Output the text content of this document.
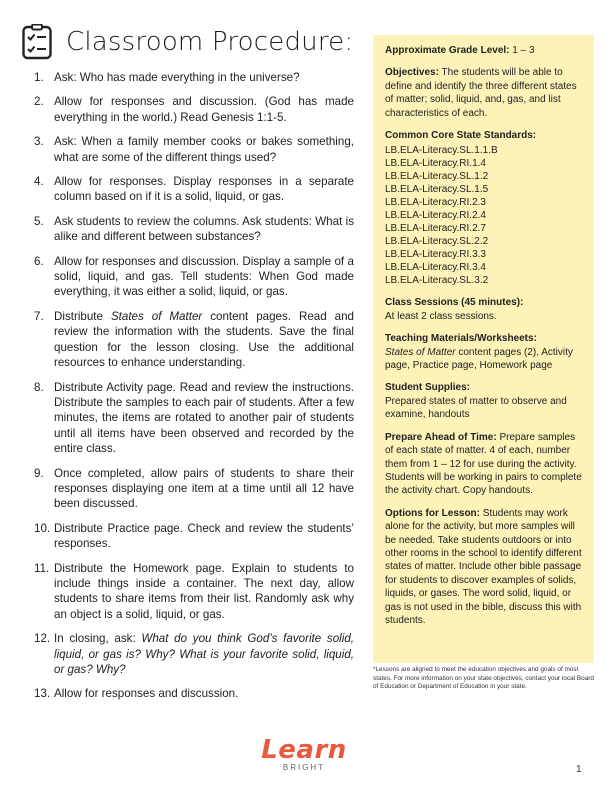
Classroom Procedure:
1. Ask: Who has made everything in the universe?
2. Allow for responses and discussion. (God has made everything in the world.) Read Genesis 1:1-5.
3. Ask: When a family member cooks or bakes something, what are some of the different things used?
4. Allow for responses. Display responses in a separate column based on if it is a solid, liquid, or gas.
5. Ask students to review the columns. Ask students: What is alike and different between substances?
6. Allow for responses and discussion. Display a sample of a solid, liquid, and gas. Tell students: When God made everything, it was either a solid, liquid, or gas.
7. Distribute States of Matter content pages. Read and review the information with the students. Save the final question for the lesson closing. Use the additional resources to enhance understanding.
8. Distribute Activity page. Read and review the instructions. Distribute the samples to each pair of students. After a few minutes, the items are rotated to another pair of students until all items have been observed and recorded by the entire class.
9. Once completed, allow pairs of students to share their responses displaying one item at a time until all 12 have been discussed.
10. Distribute Practice page. Check and review the students’ responses.
11. Distribute the Homework page. Explain to students to include things inside a container. The next day, allow students to share items from their list. Randomly ask why an object is a solid, liquid, or gas.
12. In closing, ask: What do you think God’s favorite solid, liquid, or gas is? Why? What is your favorite solid, liquid, or gas? Why?
13. Allow for responses and discussion.
Approximate Grade Level: 1 – 3
Objectives: The students will be able to define and identify the three different states of matter; solid, liquid, and, gas, and list characteristics of each.
Common Core State Standards:
LB.ELA-Literacy.SL.1.1.B
LB.ELA-Literacy.RI.1.4
LB.ELA-Literacy.SL.1.2
LB.ELA-Literacy.SL.1.5
LB.ELA-Literacy.RI.2.3
LB.ELA-Literacy.RI.2.4
LB.ELA-Literacy.RI.2.7
LB.ELA-Literacy.SL.2.2
LB.ELA-Literacy.RI.3.3
LB.ELA-Literacy.RI.3.4
LB.ELA-Literacy.SL.3.2
Class Sessions (45 minutes):
At least 2 class sessions.
Teaching Materials/Worksheets:
States of Matter content pages (2), Activity page, Practice page, Homework page
Student Supplies:
Prepared states of matter to observe and examine, handouts
Prepare Ahead of Time: Prepare samples of each state of matter. 4 of each, number them from 1 – 12 for use during the activity. Students will be working in pairs to complete the activity chart. Copy handouts.
Options for Lesson: Students may work alone for the activity, but more samples will be needed. Take students outdoors or into other rooms in the school to identify different states of matter. Include other bible passage for students to discover examples of solids, liquids, or gases. The word solid, liquid, or gas is not used in the bible, discuss this with students.
*Lessons are aligned to meet the education objectives and goals of most states. For more information on your state objectives, contact your local Board of Education or Department of Education in your state.
Learn
BRIGHT	1
